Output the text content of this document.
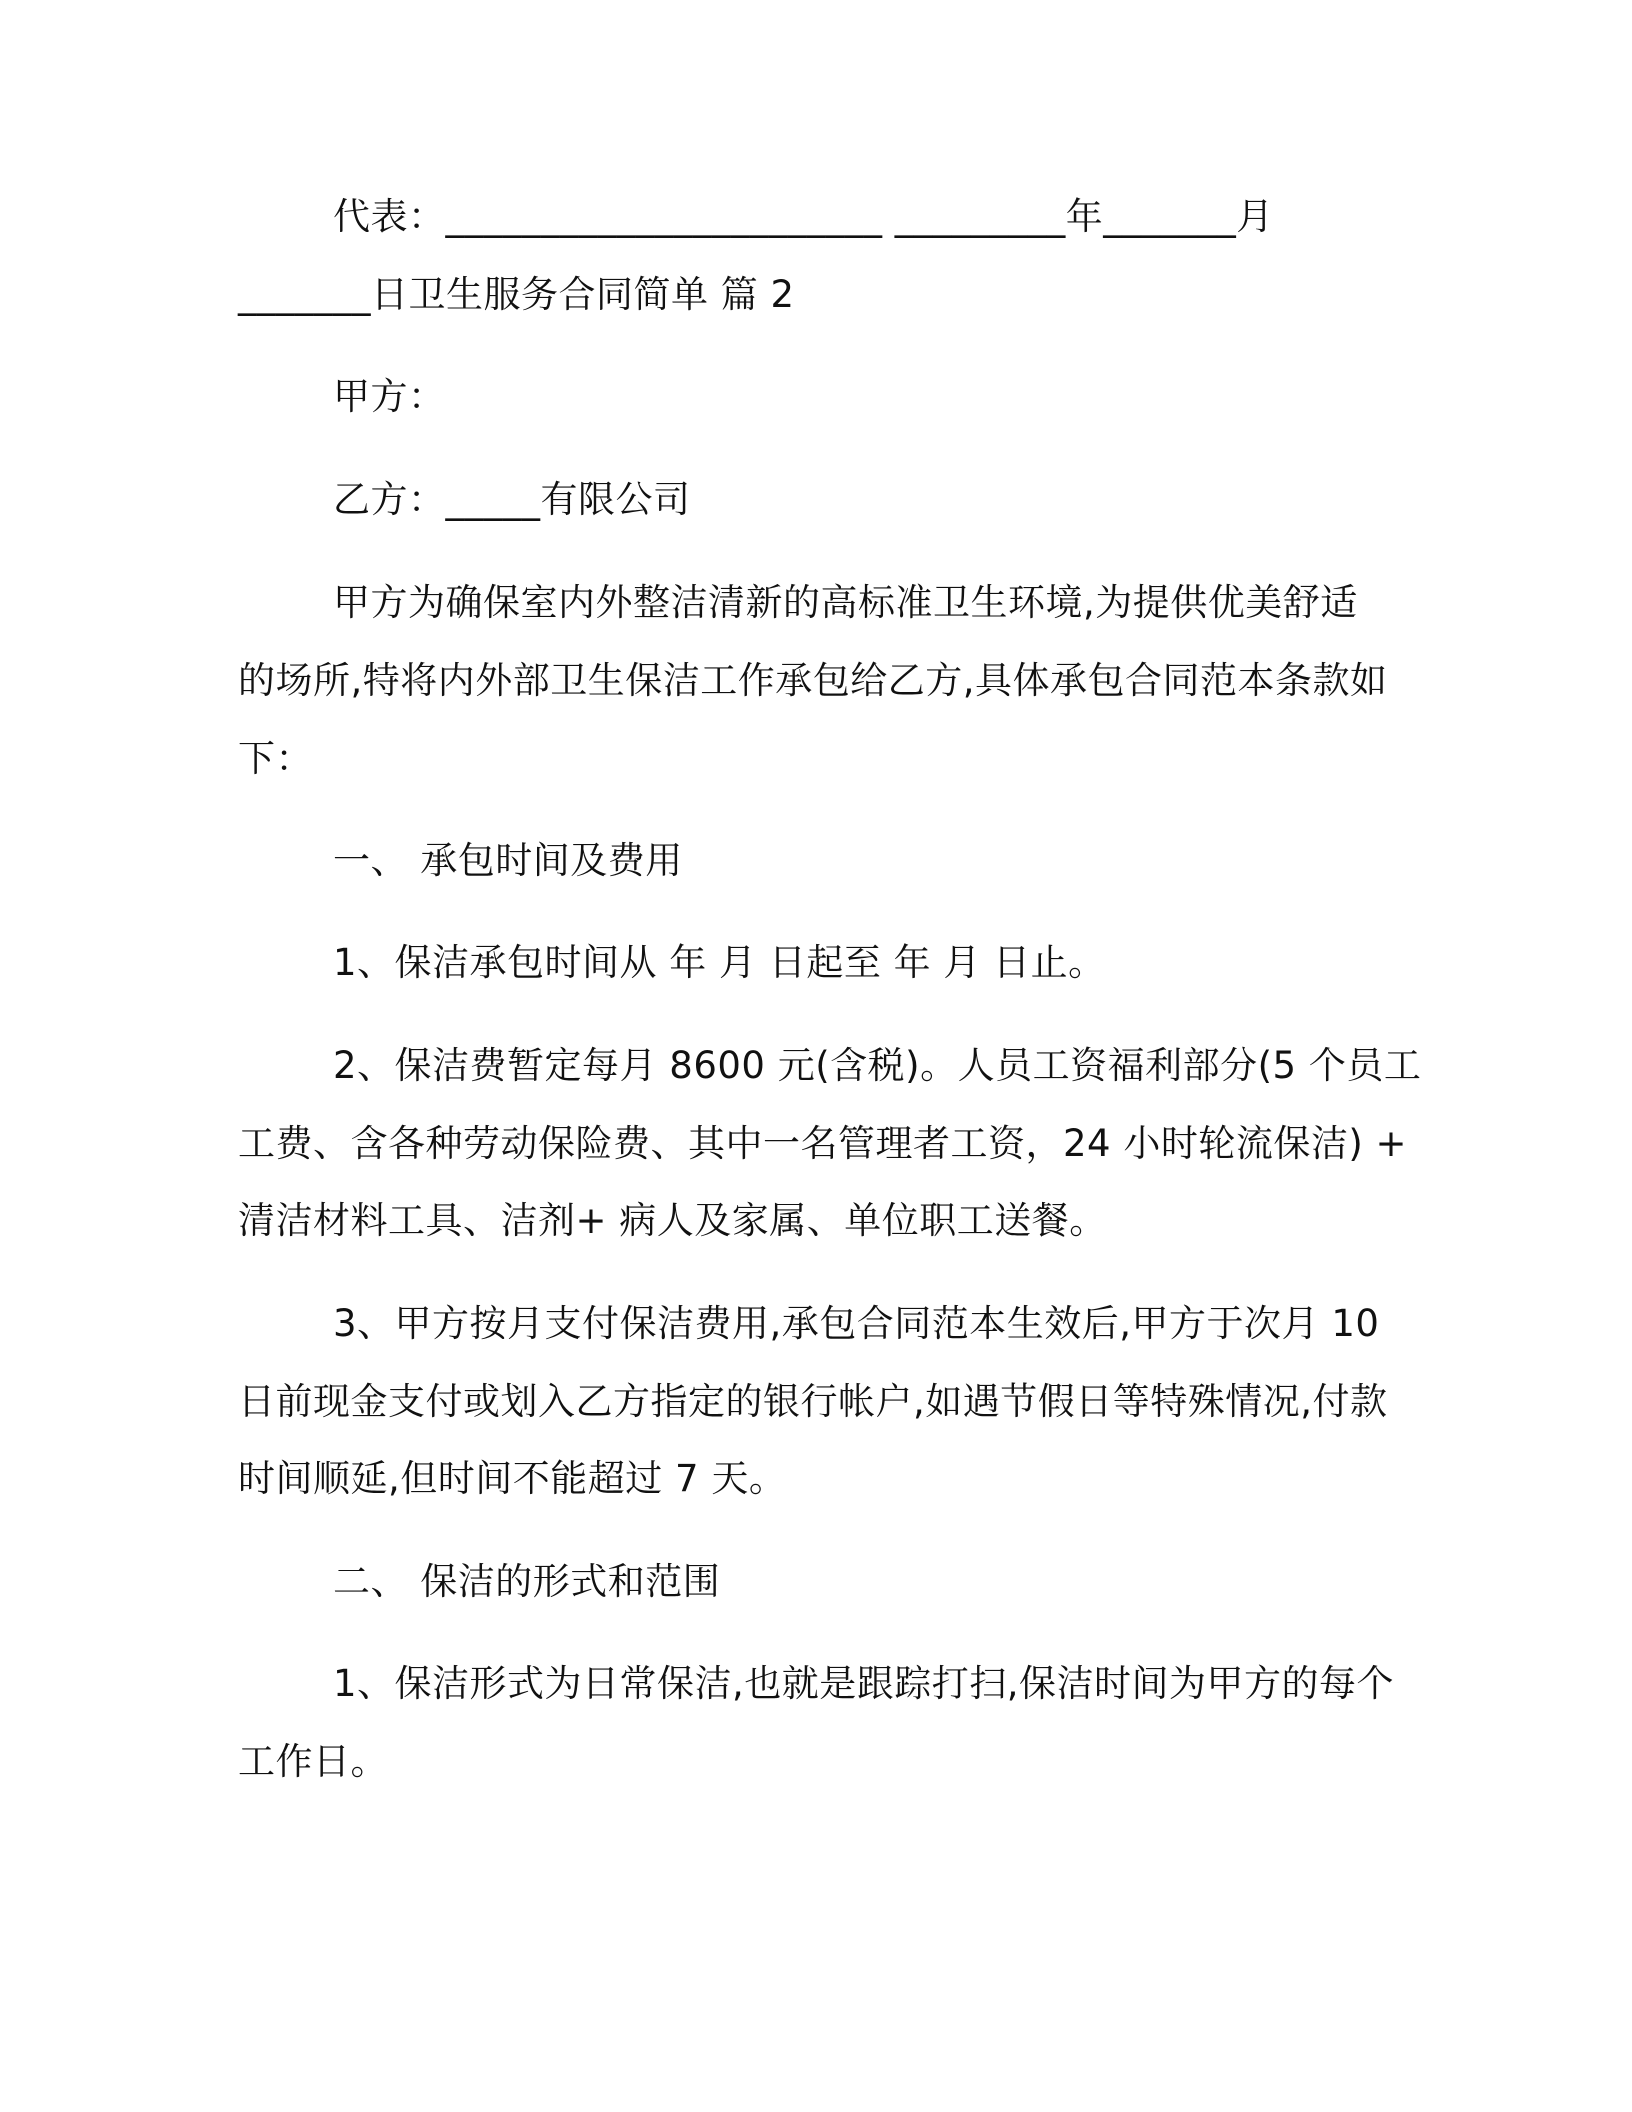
代表：_______________________ _________年_______月
_______日卫生服务合同简单 篇 2
甲方：
乙方：_____有限公司
甲方为确保室内外整洁清新的高标准卫生环境,为提供优美舒适
的场所,特将内外部卫生保洁工作承包给乙方,具体承包合同范本条款如
下：
一、 承包时间及费用
1、保洁承包时间从 年 月 日起至 年 月 日止。
2、保洁费暂定每月 8600 元(含税)。人员工资福利部分(5 个员工
工费、含各种劳动保险费、其中一名管理者工资，24 小时轮流保洁) +
清洁材料工具、洁剂+ 病人及家属、单位职工送餐。
3、甲方按月支付保洁费用,承包合同范本生效后,甲方于次月 10
日前现金支付或划入乙方指定的银行帐户,如遇节假日等特殊情况,付款
时间顺延,但时间不能超过 7 天。
二、 保洁的形式和范围
1、保洁形式为日常保洁,也就是跟踪打扫,保洁时间为甲方的每个
工作日。
